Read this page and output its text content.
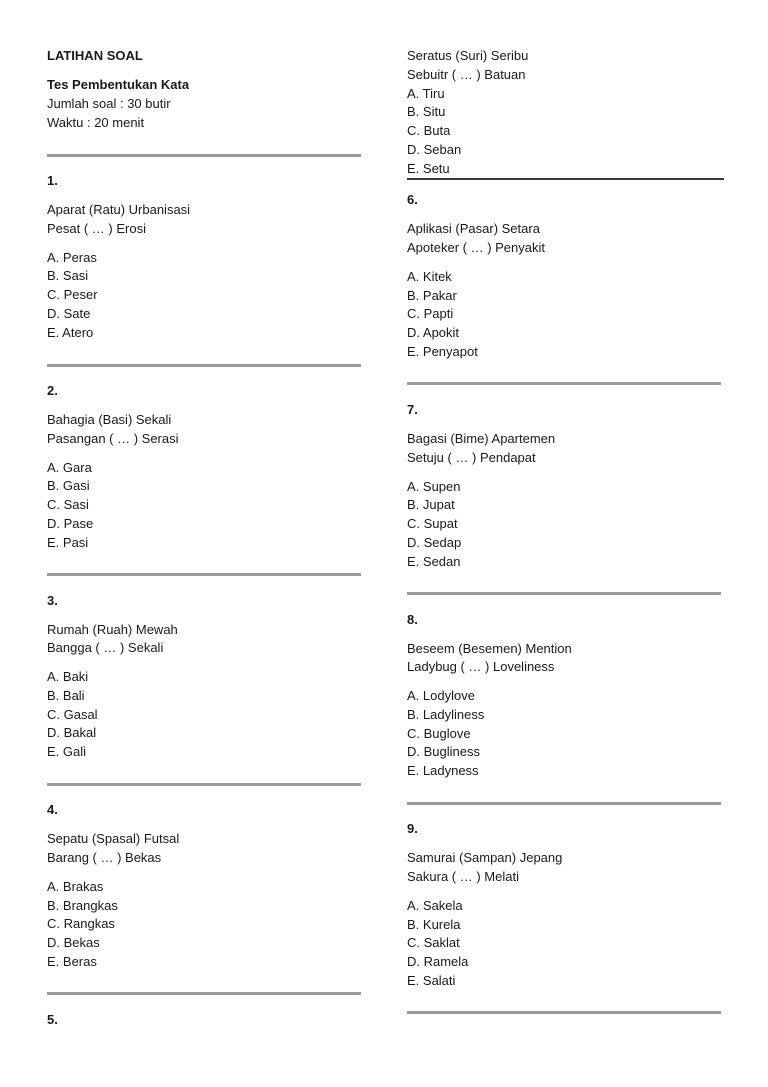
LATIHAN SOAL
Tes Pembentukan Kata
Jumlah soal : 30 butir
Waktu : 20 menit
1.
Aparat (Ratu) Urbanisasi
Pesat ( … ) Erosi
A. Peras
B. Sasi
C. Peser
D. Sate
E. Atero
2.
Bahagia (Basi) Sekali
Pasangan ( … ) Serasi
A. Gara
B. Gasi
C. Sasi
D. Pase
E. Pasi
3.
Rumah (Ruah) Mewah
Bangga ( … ) Sekali
A. Baki
B. Bali
C. Gasal
D. Bakal
E. Gali
4.
Sepatu (Spasal) Futsal
Barang ( … ) Bekas
A. Brakas
B. Brangkas
C. Rangkas
D. Bekas
E. Beras
5.
Seratus (Suri) Seribu
Sebuitr ( … ) Batuan
A. Tiru
B. Situ
C. Buta
D. Seban
E. Setu
6.
Aplikasi (Pasar) Setara
Apoteker ( … ) Penyakit
A. Kitek
B. Pakar
C. Papti
D. Apokit
E. Penyapot
7.
Bagasi (Bime) Apartemen
Setuju ( … ) Pendapat
A. Supen
B. Jupat
C. Supat
D. Sedap
E. Sedan
8.
Beseem (Besemen) Mention
Ladybug ( … ) Loveliness
A. Lodylove
B. Ladyliness
C. Buglove
D. Bugliness
E. Ladyness
9.
Samurai (Sampan) Jepang
Sakura ( … ) Melati
A. Sakela
B. Kurela
C. Saklat
D. Ramela
E. Salati
